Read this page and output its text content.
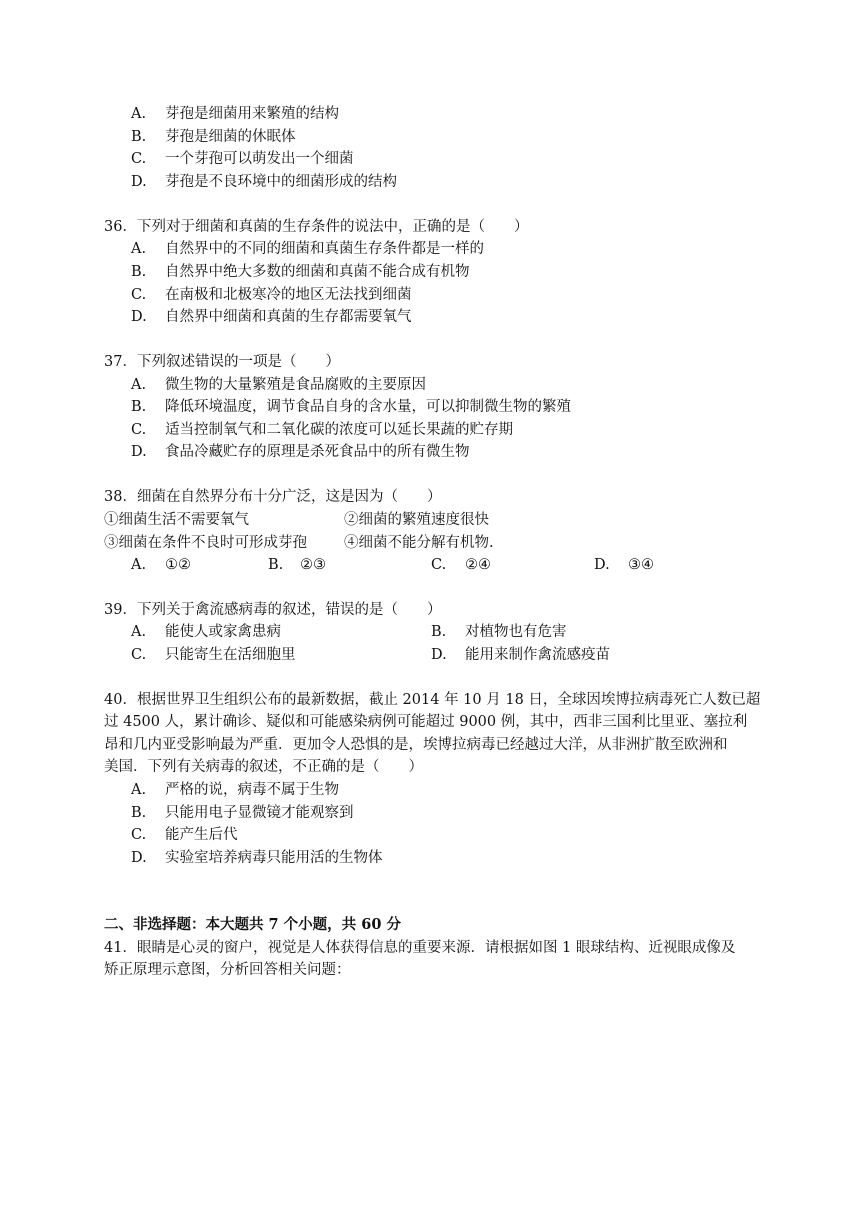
A. 芽孢是细菌用来繁殖的结构
B. 芽孢是细菌的休眠体
C. 一个芽孢可以萌发出一个细菌
D. 芽孢是不良环境中的细菌形成的结构
36．下列对于细菌和真菌的生存条件的说法中，正确的是（　　）
A. 自然界中的不同的细菌和真菌生存条件都是一样的
B. 自然界中绝大多数的细菌和真菌不能合成有机物
C. 在南极和北极寒冷的地区无法找到细菌
D. 自然界中细菌和真菌的生存都需要氧气
37．下列叙述错误的一项是（　　）
A. 微生物的大量繁殖是食品腐败的主要原因
B. 降低环境温度，调节食品自身的含水量，可以抑制微生物的繁殖
C. 适当控制氧气和二氧化碳的浓度可以延长果蔬的贮存期
D. 食品冷藏贮存的原理是杀死食品中的所有微生物
38．细菌在自然界分布十分广泛，这是因为（　　）
①细菌生活不需要氧气	②细菌的繁殖速度很快
③细菌在条件不良时可形成芽孢	④细菌不能分解有机物.
A. ①②	B. ②③	C. ②④	D. ③④
39．下列关于禽流感病毒的叙述，错误的是（　　）
A. 能使人或家禽患病	B. 对植物也有危害
C. 只能寄生在活细胞里	D. 能用来制作禽流感疫苗
40．根据世界卫生组织公布的最新数据，截止 2014 年 10 月 18 日，全球因埃博拉病毒死亡人数已超
过 4500 人，累计确诊、疑似和可能感染病例可能超过 9000 例，其中，西非三国利比里亚、塞拉利
昂和几内亚受影响最为严重．更加令人恐惧的是，埃博拉病毒已经越过大洋，从非洲扩散至欧洲和
美国．下列有关病毒的叙述，不正确的是（　　）
A. 严格的说，病毒不属于生物
B. 只能用电子显微镜才能观察到
C. 能产生后代
D. 实验室培养病毒只能用活的生物体
二、非选择题：本大题共 7 个小题，共 60 分
41．眼睛是心灵的窗户，视觉是人体获得信息的重要来源．请根据如图 1 眼球结构、近视眼成像及
矫正原理示意图，分析回答相关问题：
